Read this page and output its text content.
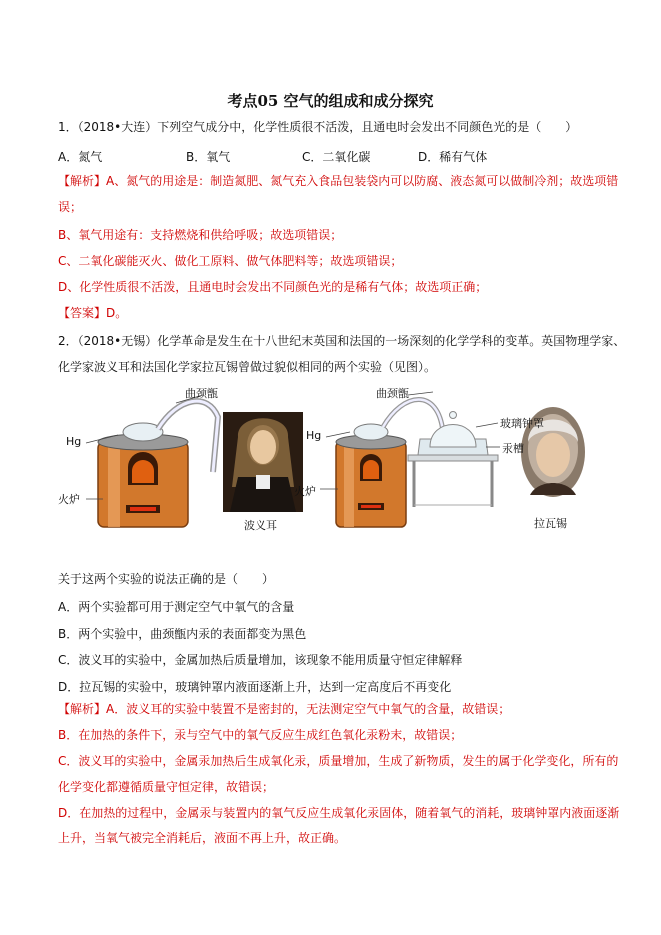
考点05 空气的组成和成分探究
1．（2018•大连）下列空气成分中，化学性质很不活泼，且通电时会发出不同颜色光的是（　　）
A．氮气	B．氧气	C．二氧化碳	D．稀有气体
【解析】A、氮气的用途是：制造氮肥、氮气充入食品包装袋内可以防腐、液态氮可以做制冷剂；故选项错
误；
B、氧气用途有：支持燃烧和供给呼吸；故选项错误；
C、二氧化碳能灭火、做化工原料、做气体肥料等；故选项错误；
D、化学性质很不活泼，且通电时会发出不同颜色光的是稀有气体；故选项正确；
【答案】D。
2．（2018•无锡）化学革命是发生在十八世纪末英国和法国的一场深刻的化学学科的变革。英国物理学家、
化学家波义耳和法国化学家拉瓦锡曾做过貌似相同的两个实验（见图）。
曲颈甑
Hg
火炉
波义耳
曲颈甑
Hg
火炉
玻璃钟罩
汞槽
拉瓦锡
关于这两个实验的说法正确的是（　　）
A．两个实验都可用于测定空气中氧气的含量
B．两个实验中，曲颈甑内汞的表面都变为黑色
C．波义耳的实验中，金属加热后质量增加，该现象不能用质量守恒定律解释
D．拉瓦锡的实验中，玻璃钟罩内液面逐渐上升，达到一定高度后不再变化
【解析】A．波义耳的实验中装置不是密封的，无法测定空气中氧气的含量，故错误；
B．在加热的条件下，汞与空气中的氧气反应生成红色氧化汞粉末，故错误；
C．波义耳的实验中，金属汞加热后生成氧化汞，质量增加，生成了新物质，发生的属于化学变化，所有的
化学变化都遵循质量守恒定律，故错误；
D．在加热的过程中，金属汞与装置内的氧气反应生成氧化汞固体，随着氧气的消耗，玻璃钟罩内液面逐渐
上升，当氧气被完全消耗后，液面不再上升，故正确。
